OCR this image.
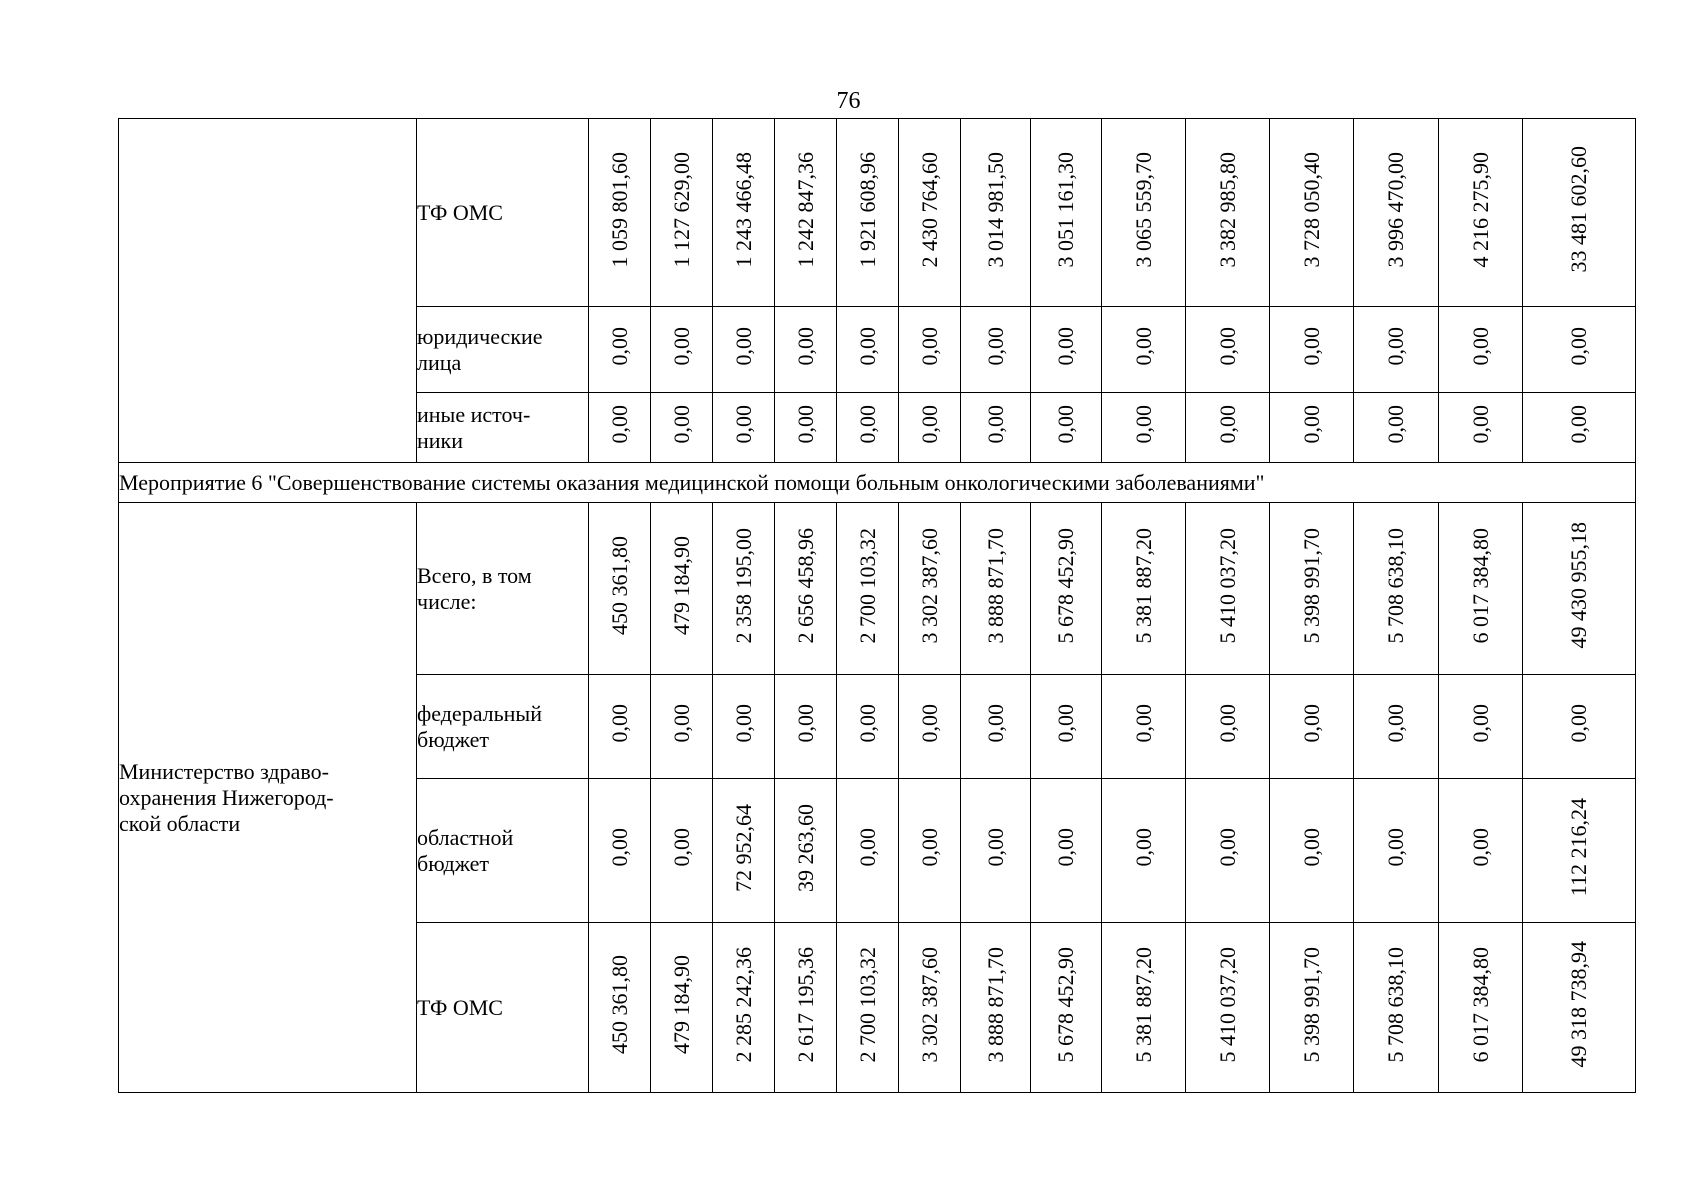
76
	ТФ ОМС	1 059 801,60	1 127 629,00	1 243 466,48	1 242 847,36	1 921 608,96	2 430 764,60	3 014 981,50	3 051 161,30	3 065 559,70	3 382 985,80	3 728 050,40	3 996 470,00	4 216 275,90	33 481 602,60
	юридические
лица	0,00	0,00	0,00	0,00	0,00	0,00	0,00	0,00	0,00	0,00	0,00	0,00	0,00	0,00
	иные источ-
ники	0,00	0,00	0,00	0,00	0,00	0,00	0,00	0,00	0,00	0,00	0,00	0,00	0,00	0,00
Мероприятие 6 "Совершенствование системы оказания медицинской помощи больным онкологическими заболеваниями"															
Министерство здраво-
охранения Нижегород-
ской области	Всего, в том
числе:	450 361,80	479 184,90	2 358 195,00	2 656 458,96	2 700 103,32	3 302 387,60	3 888 871,70	5 678 452,90	5 381 887,20	5 410 037,20	5 398 991,70	5 708 638,10	6 017 384,80	49 430 955,18
	федеральный
бюджет	0,00	0,00	0,00	0,00	0,00	0,00	0,00	0,00	0,00	0,00	0,00	0,00	0,00	0,00
	областной
бюджет	0,00	0,00	72 952,64	39 263,60	0,00	0,00	0,00	0,00	0,00	0,00	0,00	0,00	0,00	112 216,24
	ТФ ОМС	450 361,80	479 184,90	2 285 242,36	2 617 195,36	2 700 103,32	3 302 387,60	3 888 871,70	5 678 452,90	5 381 887,20	5 410 037,20	5 398 991,70	5 708 638,10	6 017 384,80	49 318 738,94
